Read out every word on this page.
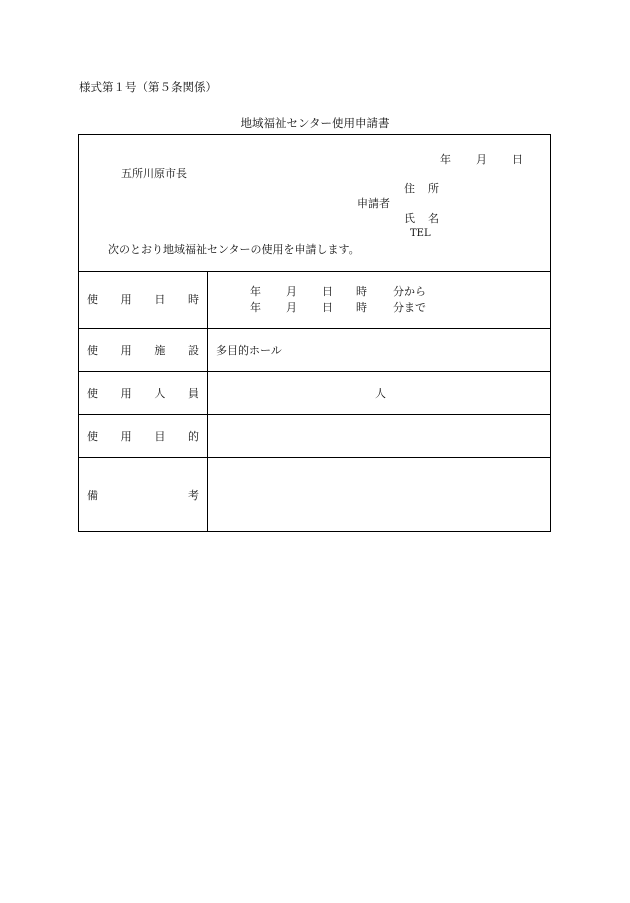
様式第１号（第５条関係）
地域福祉センター使用申請書
年 月 日
五所川原市長
住 所
申請者
氏 名
TEL
次のとおり地域福祉センターの使用を申請します。
使 用 日 時
年 月 日 時 分から
年 月 日 時 分まで
使 用 施 設 多目的ホール
使 用 人 員	人
使 用 目 的
備	考
